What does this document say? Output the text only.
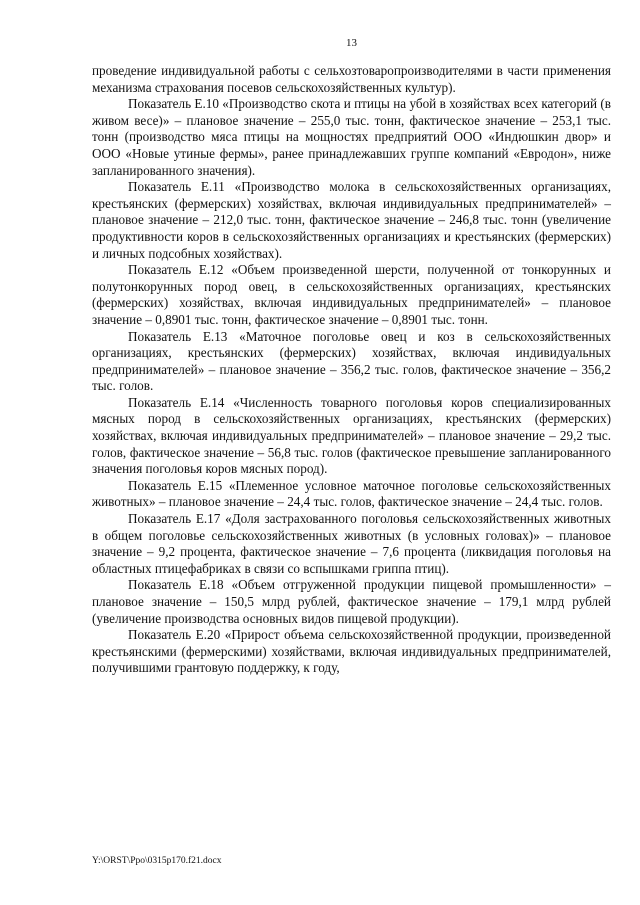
13

проведение индивидуальной работы с сельхозтоваропроизводителями в части применения механизма страхования посевов сельскохозяйственных культур).

Показатель Е.10 «Производство скота и птицы на убой в хозяйствах всех категорий (в живом весе)» – плановое значение – 255,0 тыс. тонн, фактическое значение – 253,1 тыс. тонн (производство мяса птицы на мощностях предприятий ООО «Индюшкин двор» и ООО «Новые утиные фермы», ранее принадлежавших группе компаний «Евродон», ниже запланированного значения).

Показатель Е.11 «Производство молока в сельскохозяйственных организациях, крестьянских (фермерских) хозяйствах, включая индивидуальных предпринимателей» – плановое значение – 212,0 тыс. тонн, фактическое значение – 246,8 тыс. тонн (увеличение продуктивности коров в сельскохозяйственных организациях и крестьянских (фермерских) и личных подсобных хозяйствах).

Показатель Е.12 «Объем произведенной шерсти, полученной от тонкорунных и полутонкорунных пород овец, в сельскохозяйственных организациях, крестьянских (фермерских) хозяйствах, включая индивидуальных предпринимателей» – плановое значение – 0,8901 тыс. тонн, фактическое значение – 0,8901 тыс. тонн.

Показатель Е.13 «Маточное поголовье овец и коз в сельскохозяйственных организациях, крестьянских (фермерских) хозяйствах, включая индивидуальных предпринимателей» – плановое значение – 356,2 тыс. голов, фактическое значение – 356,2 тыс. голов.

Показатель Е.14 «Численность товарного поголовья коров специализированных мясных пород в сельскохозяйственных организациях, крестьянских (фермерских) хозяйствах, включая индивидуальных предпринимателей» – плановое значение – 29,2 тыс. голов, фактическое значение – 56,8 тыс. голов (фактическое превышение запланированного значения поголовья коров мясных пород).

Показатель Е.15 «Племенное условное маточное поголовье сельскохозяйственных животных» – плановое значение – 24,4 тыс. голов, фактическое значение – 24,4 тыс. голов.

Показатель Е.17 «Доля застрахованного поголовья сельскохозяйственных животных в общем поголовье сельскохозяйственных животных (в условных головах)» – плановое значение – 9,2 процента, фактическое значение – 7,6 процента (ликвидация поголовья на областных птицефабриках в связи со вспышками гриппа птиц).

Показатель Е.18 «Объем отгруженной продукции пищевой промышленности» – плановое значение – 150,5 млрд рублей, фактическое значение – 179,1 млрд рублей (увеличение производства основных видов пищевой продукции).

Показатель Е.20 «Прирост объема сельскохозяйственной продукции, произведенной крестьянскими (фермерскими) хозяйствами, включая индивидуальных предпринимателей, получившими грантовую поддержку, к году,

Y:\ORST\Ppo\0315p170.f21.docx
